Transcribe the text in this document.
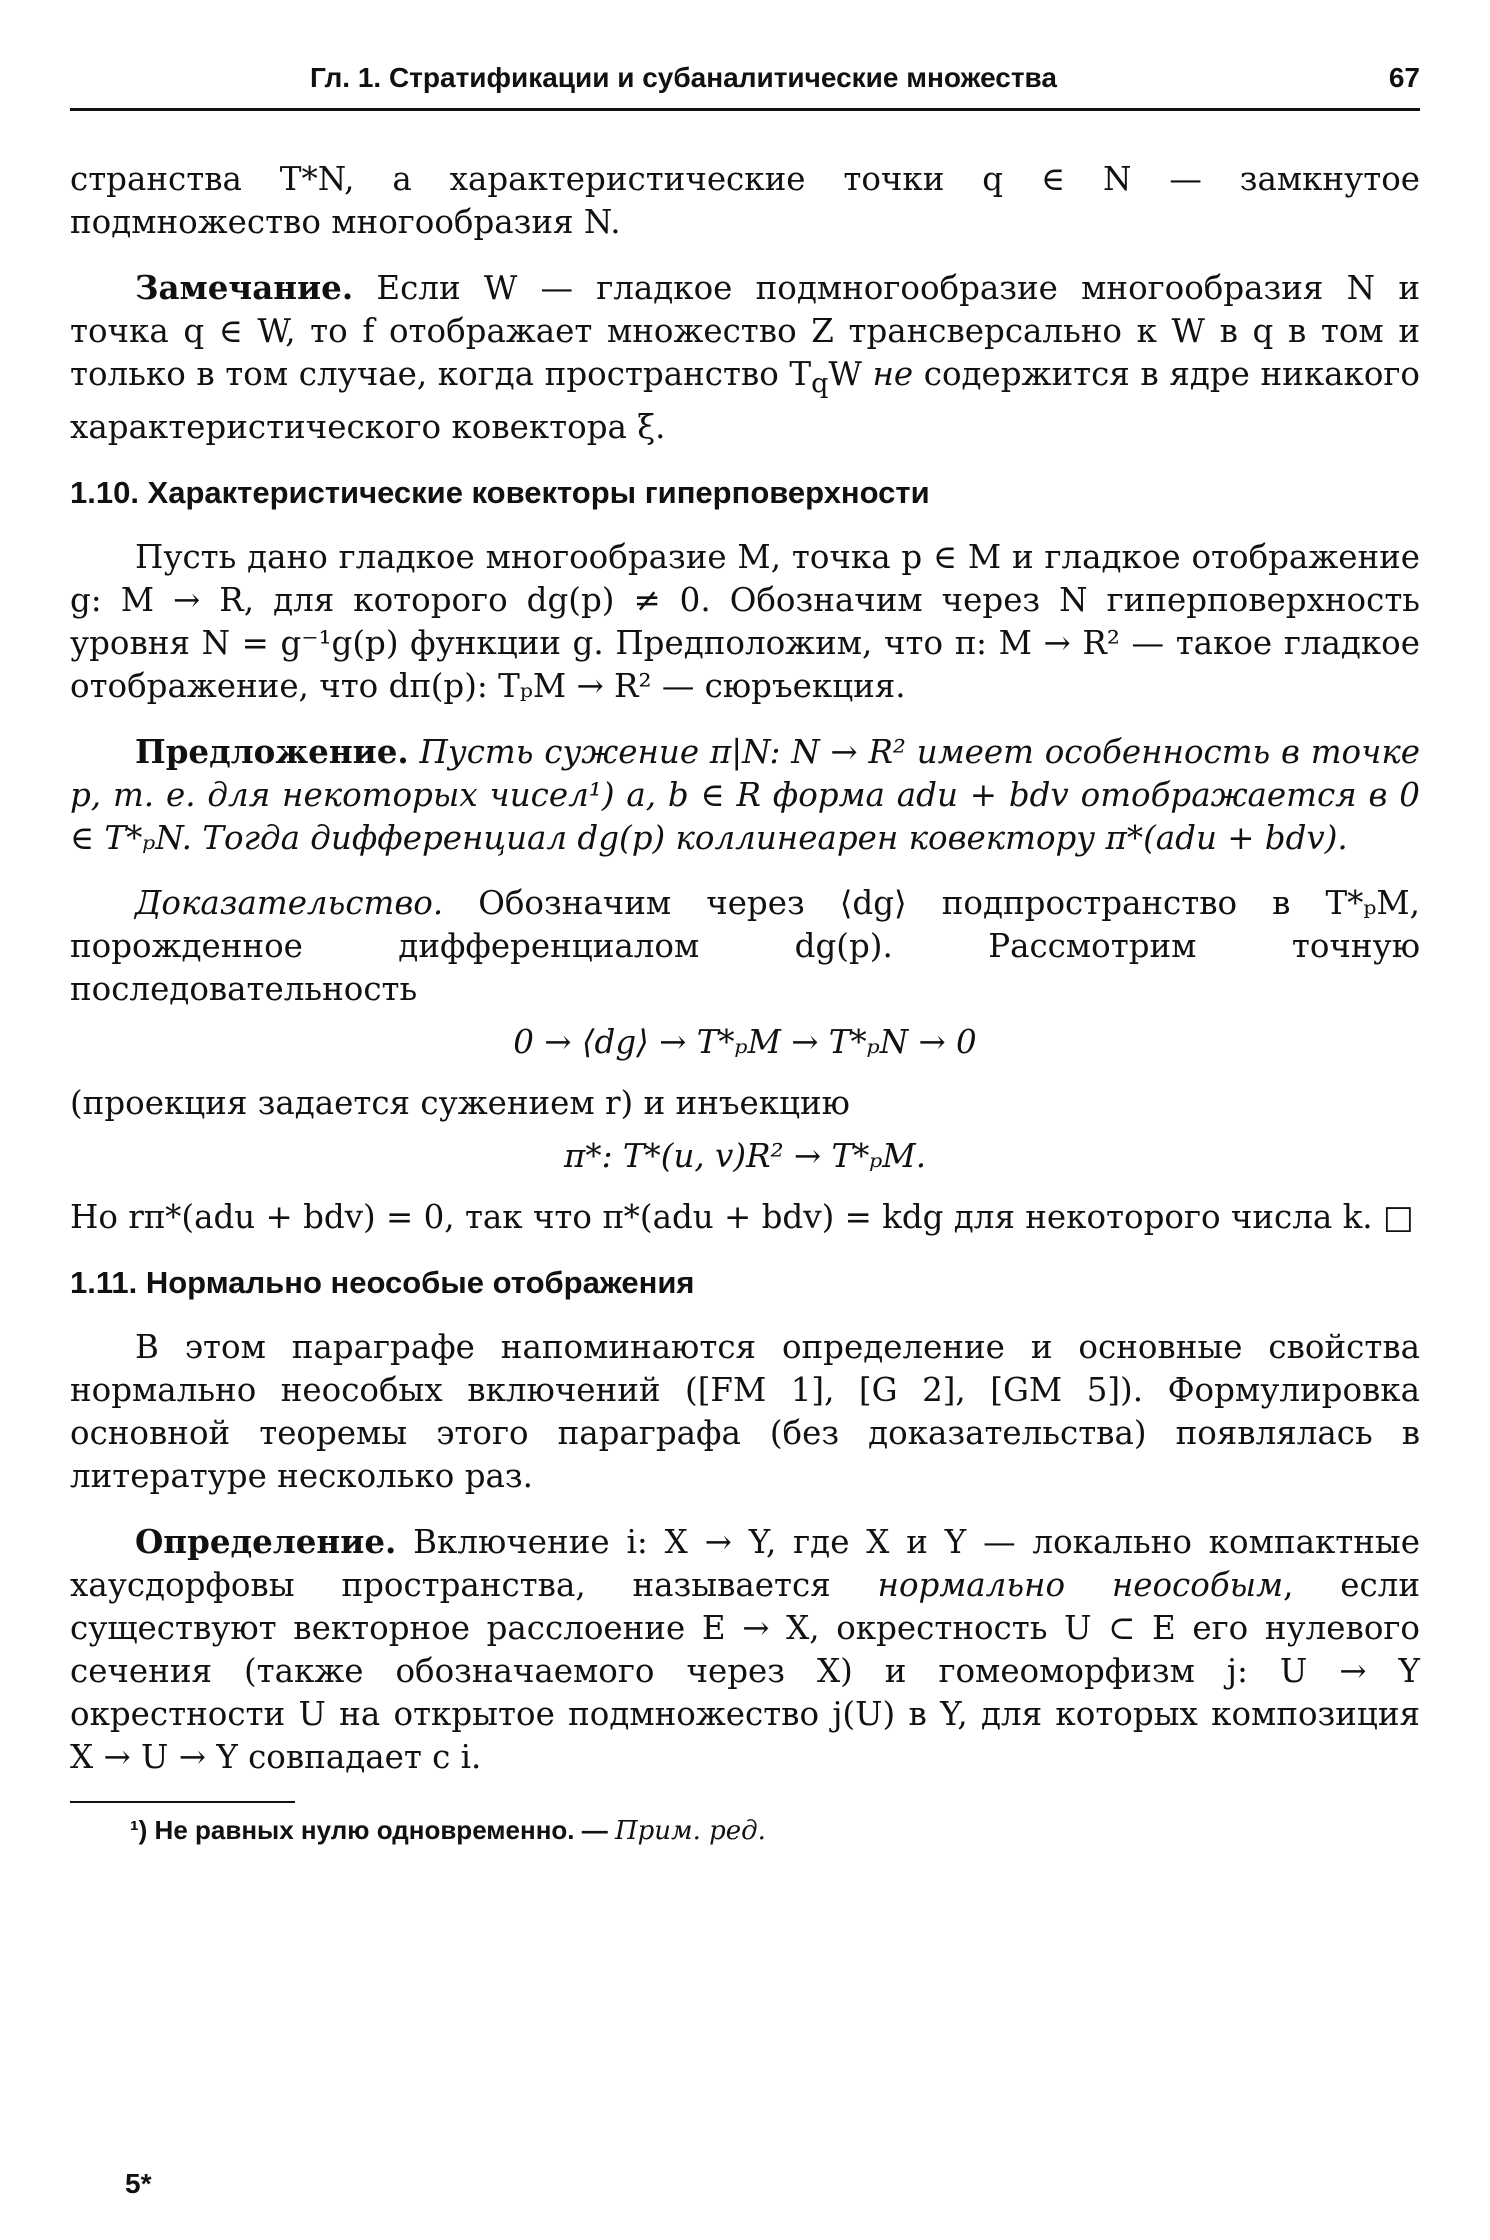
Гл. 1. Стратификации и субаналитические множества	67

странства T*N, а характеристические точки q ∈ N — замкнутое подмножество многообразия N.

Замечание. Если W — гладкое подмногообразие многообразия N и точка q ∈ W, то f отображает множество Z трансверсально к W в q в том и только в том случае, когда пространство $T_qW$ не содержится в ядре никакого характеристического ковектора ξ.

1.10. Характеристические ковекторы гиперповерхности

Пусть дано гладкое многообразие M, точка p ∈ M и гладкое отображение g: M → R, для которого dg(p) ≠ 0. Обозначим через N гиперповерхность уровня N = g⁻¹g(p) функции g. Предположим, что π: M → R² — такое гладкое отображение, что dπ(p): TₚM → R² — сюръекция.

Предложение. Пусть сужение π|N: N → R² имеет особенность в точке p, т. е. для некоторых чисел¹) a, b ∈ R форма adu + bdv отображается в 0 ∈ T*ₚN. Тогда дифференциал dg(p) коллинеарен ковектору π*(adu + bdv).

Доказательство. Обозначим через ⟨dg⟩ подпространство в T*ₚM, порожденное дифференциалом dg(p). Рассмотрим точную последовательность

0 → ⟨dg⟩ → T*ₚM → T*ₚN → 0

(проекция задается сужением r) и инъекцию

π*: T*(u, v)R² → T*ₚM.

Но rπ*(adu + bdv) = 0, так что π*(adu + bdv) = kdg для некоторого числа k. □

1.11. Нормально неособые отображения

В этом параграфе напоминаются определение и основные свойства нормально неособых включений ([FM 1], [G 2], [GM 5]). Формулировка основной теоремы этого параграфа (без доказательства) появлялась в литературе несколько раз.

Определение. Включение i: X → Y, где X и Y — локально компактные хаусдорфовы пространства, называется нормально неособым, если существуют векторное расслоение E → X, окрестность U ⊂ E его нулевого сечения (также обозначаемого через X) и гомеоморфизм j: U → Y окрестности U на открытое подмножество j(U) в Y, для которых композиция X → U → Y совпадает с i.

¹) Не равных нулю одновременно. — Прим. ред.
5*
